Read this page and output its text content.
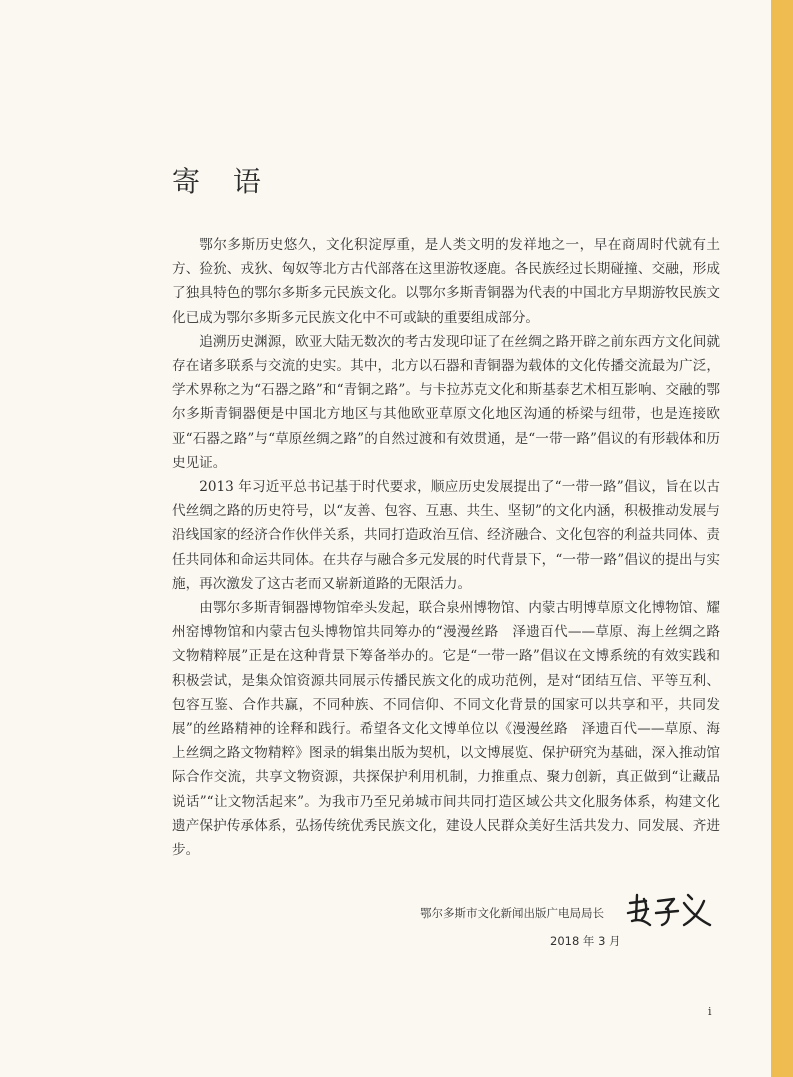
寄 语

鄂尔多斯历史悠久，文化积淀厚重，是人类文明的发祥地之一，早在商周时代就有土方、猃狁、戎狄、匈奴等北方古代部落在这里游牧逐鹿。各民族经过长期碰撞、交融，形成了独具特色的鄂尔多斯多元民族文化。以鄂尔多斯青铜器为代表的中国北方早期游牧民族文化已成为鄂尔多斯多元民族文化中不可或缺的重要组成部分。

追溯历史渊源，欧亚大陆无数次的考古发现印证了在丝绸之路开辟之前东西方文化间就存在诸多联系与交流的史实。其中，北方以石器和青铜器为载体的文化传播交流最为广泛，学术界称之为“石器之路”和“青铜之路”。与卡拉苏克文化和斯基泰艺术相互影响、交融的鄂尔多斯青铜器便是中国北方地区与其他欧亚草原文化地区沟通的桥梁与纽带，也是连接欧亚“石器之路”与“草原丝绸之路”的自然过渡和有效贯通，是“一带一路”倡议的有形载体和历史见证。

2013 年习近平总书记基于时代要求，顺应历史发展提出了“一带一路”倡议，旨在以古代丝绸之路的历史符号，以“友善、包容、互惠、共生、坚韧”的文化内涵，积极推动发展与沿线国家的经济合作伙伴关系，共同打造政治互信、经济融合、文化包容的利益共同体、责任共同体和命运共同体。在共存与融合多元发展的时代背景下，“一带一路”倡议的提出与实施，再次激发了这古老而又崭新道路的无限活力。

由鄂尔多斯青铜器博物馆牵头发起，联合泉州博物馆、内蒙古明博草原文化博物馆、耀州窑博物馆和内蒙古包头博物馆共同筹办的“漫漫丝路　泽遗百代——草原、海上丝绸之路文物精粹展”正是在这种背景下筹备举办的。它是“一带一路”倡议在文博系统的有效实践和积极尝试，是集众馆资源共同展示传播民族文化的成功范例，是对“团结互信、平等互利、包容互鉴、合作共赢，不同种族、不同信仰、不同文化背景的国家可以共享和平，共同发展”的丝路精神的诠释和践行。希望各文化文博单位以《漫漫丝路　泽遗百代——草原、海上丝绸之路文物精粹》图录的辑集出版为契机，以文博展览、保护研究为基础，深入推动馆际合作交流，共享文物资源，共探保护利用机制，力推重点、聚力创新，真正做到“让藏品说话”“让文物活起来”。为我市乃至兄弟城市间共同打造区域公共文化服务体系，构建文化遗产保护传承体系，弘扬传统优秀民族文化，建设人民群众美好生活共发力、同发展、齐进步。

鄂尔多斯市文化新闻出版广电局局长
2018 年 3 月
i
